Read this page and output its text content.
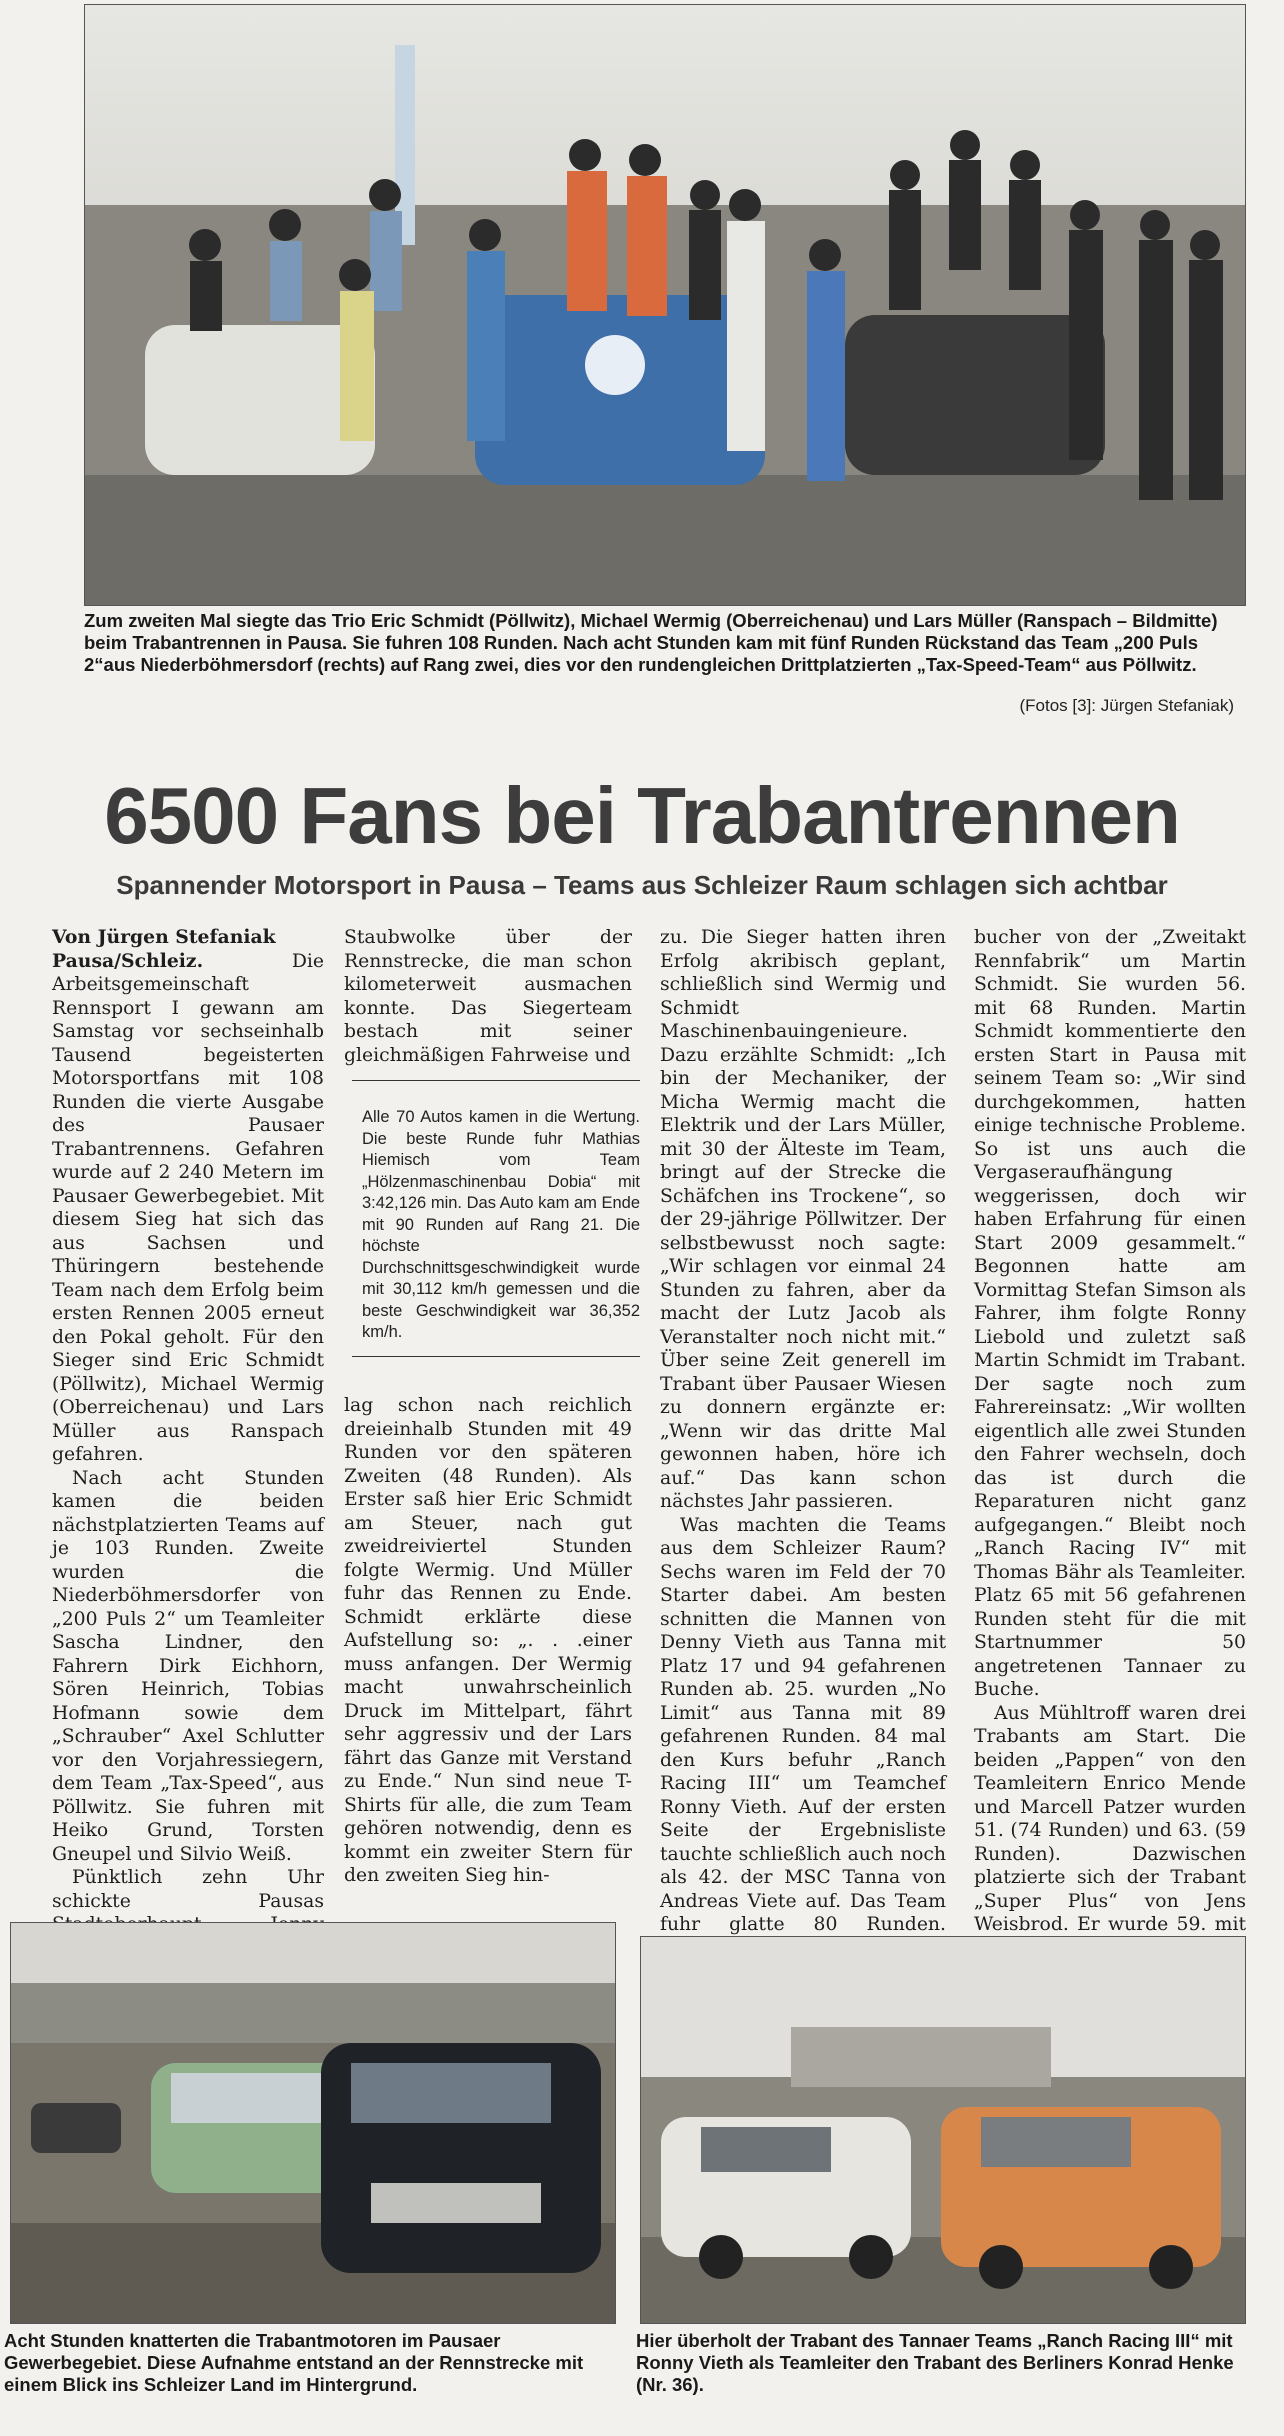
Zum zweiten Mal siegte das Trio Eric Schmidt (Pöllwitz), Michael Wermig (Oberreichenau) und Lars Müller (Ranspach – Bildmitte) beim Trabantrennen in Pausa. Sie fuhren 108 Runden. Nach acht Stunden kam mit fünf Runden Rückstand das Team „200 Puls 2“aus Niederböhmersdorf (rechts) auf Rang zwei, dies vor den rundengleichen Drittplatzierten „Tax-Speed-Team“ aus Pöllwitz.
(Fotos [3]: Jürgen Stefaniak)
6500 Fans bei Trabantrennen
Spannender Motorsport in Pausa – Teams aus Schleizer Raum schlagen sich achtbar

Von Jürgen Stefaniak

Pausa/Schleiz.	Die Arbeitsgemeinschaft Rennsport I gewann am Samstag vor sechseinhalb Tausend begeisterten Motorsportfans mit 108 Runden die vierte Ausgabe des Pausaer Trabantrennens. Gefahren wurde auf 2 240 Metern im Pausaer Gewerbegebiet. Mit diesem Sieg hat sich das aus Sachsen und Thüringern bestehende Team nach dem Erfolg beim ersten Rennen 2005 erneut den Pokal geholt. Für den Sieger sind Eric Schmidt (Pöllwitz), Michael Wermig (Oberreichenau) und Lars Müller aus Ranspach gefahren.

Nach acht Stunden kamen die beiden nächstplatzierten Teams auf je 103 Runden. Zweite wurden die Niederböhmersdorfer von „200 Puls 2“ um Teamleiter Sascha Lindner, den Fahrern Dirk Eichhorn, Sören Heinrich, Tobias Hofmann sowie dem „Schrauber“ Axel Schlutter vor den Vorjahressiegern, dem Team „Tax-Speed“, aus Pöllwitz. Sie fuhren mit Heiko Grund, Torsten Gneupel und Silvio Weiß.

Pünktlich zehn Uhr schickte Pausas

Staubwolke über der Rennstrecke, die man schon kilometerweit ausmachen konnte. Das Siegerteam bestach mit seiner gleichmäßigen Fahrweise und

Alle 70 Autos kamen in die Wertung. Die beste Runde fuhr Mathias Hiemisch vom Team „Hölzenmaschinenbau Dobia“ mit 3:42,126 min. Das Auto kam am Ende mit 90 Runden auf Rang 21. Die höchste Durchschnittsgeschwindigkeit wurde mit 30,112 km/h gemessen und die beste Geschwindigkeit war 36,352 km/h.

lag schon nach reichlich dreieinhalb Stunden mit 49 Runden vor den späteren Zweiten (48 Runden). Als Erster saß hier Eric Schmidt am Steuer, nach gut zweidreiviertel Stunden folgte Wermig. Und Müller fuhr das Rennen zu Ende. Schmidt erklärte diese Aufstellung so: „. . .einer muss anfangen. Der Wermig macht unwahrscheinlich Druck im Mittelpart, fährt sehr aggressiv und der Lars fährt das Ganze mit Verstand zu Ende.“ Nun sind neue T-Shirts für alle, die zum Team gehören notwendig, denn es kommt ein zweiter Stern für den zweiten Sieg hin-

zu. Die Sieger hatten ihren Erfolg akribisch geplant, schließlich sind Wermig und Schmidt Maschinenbauingenieure. Dazu erzählte Schmidt: „Ich bin der Mechaniker, der Micha Wermig macht die Elektrik und der Lars Müller, mit 30 der Älteste im Team, bringt auf der Strecke die Schäfchen ins Trockene“, so der 29-jährige Pöllwitzer. Der selbstbewusst noch sagte: „Wir schlagen vor einmal 24 Stunden zu fahren, aber da macht der Lutz Jacob als Veranstalter noch nicht mit.“ Über seine Zeit generell im Trabant über Pausaer Wiesen zu donnern ergänzte er: „Wenn wir das dritte Mal gewonnen haben, höre ich auf.“ Das kann schon nächstes Jahr passieren.

Was machten die Teams aus dem Schleizer Raum? Sechs waren im Feld der 70 Starter dabei. Am besten schnitten die Mannen von Denny Vieth aus Tanna mit Platz 17 und 94 gefahrenen Runden ab. 25. wurden „No Limit“ aus Tanna mit 89 gefahrenen Runden. 84 mal den Kurs befuhr „Ranch Racing III“ um Teamchef Ronny Vieth. Auf der ersten Seite der Ergebnisliste tauchte schließlich auch noch als 42. der MSC Tanna von Andreas Viete auf. Das Team fuhr glatte 80 Runden.

bucher von der „Zweitakt Rennfabrik“ um Martin Schmidt. Sie wurden 56. mit 68 Runden. Martin Schmidt kommentierte den ersten Start in Pausa mit seinem Team so: „Wir sind durchgekommen, hatten einige technische Probleme. So ist uns auch die Vergaseraufhängung weggerissen, doch wir haben Erfahrung für einen Start 2009 gesammelt.“ Begonnen hatte am Vormittag Stefan Simson als Fahrer, ihm folgte Ronny Liebold und zuletzt saß Martin Schmidt im Trabant. Der sagte noch zum Fahrereinsatz: „Wir wollten eigentlich alle zwei Stunden den Fahrer wechseln, doch das ist durch die Reparaturen nicht ganz aufgegangen.“ Bleibt noch „Ranch Racing IV“ mit Thomas Bähr als Teamleiter. Platz 65 mit 56 gefahrenen Runden steht für die mit Startnummer 50 angetretenen Tannaer zu Buche.

Aus Mühltroff waren drei Trabants am Start. Die beiden „Pappen“ von den Teamleitern Enrico Mende und Marcell Patzer wurden 51. (74 Runden) und 63. (59 Runden). Dazwischen platzierte sich der Trabant „Super Plus“ von Jens Weisbrod. Er wurde 59. mit

Acht Stunden knatterten die Trabantmotoren im Pausaer Gewerbegebiet. Diese Aufnahme entstand an der Rennstrecke mit einem Blick ins Schleizer Land im Hintergrund.
Hier überholt der Trabant des Tannaer Teams „Ranch Racing III“ mit Ronny Vieth als Teamleiter den Trabant des Berliners Konrad Henke (Nr. 36).
